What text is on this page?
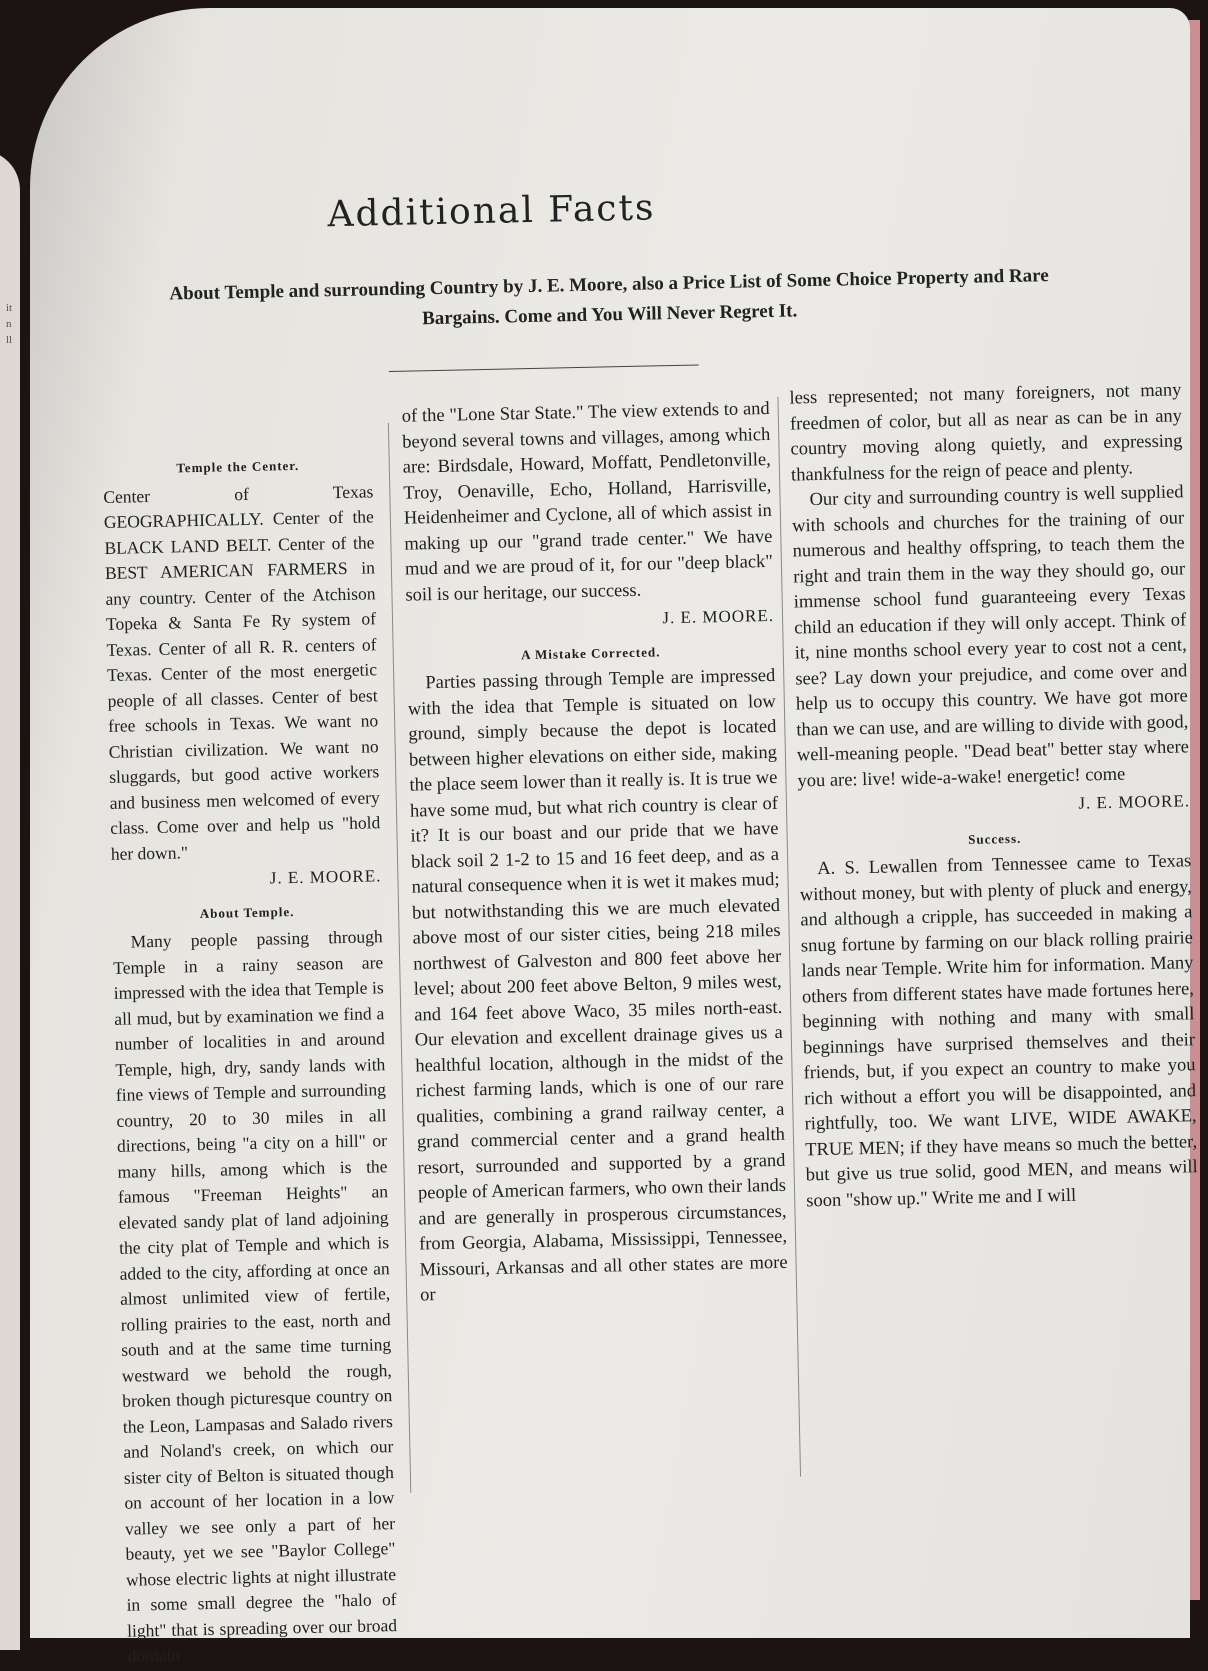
it
n
ll
Additional Facts
About Temple and surrounding Country by J. E. Moore, also a Price List of Some Choice Property and Rare Bargains. Come and You Will Never Regret It.
Temple the Center.

Center of Texas GEOGRAPHICALLY. Center of the BLACK LAND BELT. Center of the BEST AMERICAN FARMERS in any country. Center of the Atchison Topeka & Santa Fe Ry system of Texas. Center of all R. R. centers of Texas. Center of the most energetic people of all classes. Center of best free schools in Texas. We want no Christian civilization. We want no sluggards, but good active workers and business men welcomed of every class. Come over and help us "hold her down."

J. E. MOORE.
About Temple.

Many people passing through Temple in a rainy season are impressed with the idea that Temple is all mud, but by examination we find a number of localities in and around Temple, high, dry, sandy lands with fine views of Temple and surrounding country, 20 to 30 miles in all directions, being "a city on a hill" or many hills, among which is the famous "Freeman Heights" an elevated sandy plat of land adjoining the city plat of Temple and which is added to the city, affording at once an almost unlimited view of fertile, rolling prairies to the east, north and south and at the same time turning westward we behold the rough, broken though picturesque country on the Leon, Lampasas and Salado rivers and Noland's creek, on which our sister city of Belton is situated though on account of her location in a low valley we see only a part of her beauty, yet we see "Baylor College" whose electric lights at night illustrate in some small degree the "halo of light" that is spreading over our broad domain

of the "Lone Star State." The view extends to and beyond several towns and villages, among which are: Birdsdale, Howard, Moffatt, Pendletonville, Troy, Oenaville, Echo, Holland, Harrisville, Heidenheimer and Cyclone, all of which assist in making up our "grand trade center." We have mud and we are proud of it, for our "deep black" soil is our heritage, our success.

J. E. MOORE.
A Mistake Corrected.

Parties passing through Temple are impressed with the idea that Temple is situated on low ground, simply because the depot is located between higher elevations on either side, making the place seem lower than it really is. It is true we have some mud, but what rich country is clear of it? It is our boast and our pride that we have black soil 2 1-2 to 15 and 16 feet deep, and as a natural consequence when it is wet it makes mud; but notwithstanding this we are much elevated above most of our sister cities, being 218 miles northwest of Galveston and 800 feet above her level; about 200 feet above Belton, 9 miles west, and 164 feet above Waco, 35 miles north-east. Our elevation and excellent drainage gives us a healthful location, although in the midst of the richest farming lands, which is one of our rare qualities, combining a grand railway center, a grand commercial center and a grand health resort, surrounded and supported by a grand people of American farmers, who own their lands and are generally in prosperous circumstances, from Georgia, Alabama, Mississippi, Tennessee, Missouri, Arkansas and all other states are more or

less represented; not many foreigners, not many freedmen of color, but all as near as can be in any country moving along quietly, and expressing thankfulness for the reign of peace and plenty.

Our city and surrounding country is well supplied with schools and churches for the training of our numerous and healthy offspring, to teach them the right and train them in the way they should go, our immense school fund guaranteeing every Texas child an education if they will only accept. Think of it, nine months school every year to cost not a cent, see? Lay down your prejudice, and come over and help us to occupy this country. We have got more than we can use, and are willing to divide with good, well-meaning people. "Dead beat" better stay where you are: live! wide-a-wake! energetic! come

J. E. MOORE.
Success.

A. S. Lewallen from Tennessee came to Texas without money, but with plenty of pluck and energy, and although a cripple, has succeeded in making a snug fortune by farming on our black rolling prairie lands near Temple. Write him for information. Many others from different states have made fortunes here, beginning with nothing and many with small beginnings have surprised themselves and their friends, but, if you expect an country to make you rich without a effort you will be disappointed, and rightfully, too. We want LIVE, WIDE AWAKE, TRUE MEN; if they have means so much the better, but give us true solid, good MEN, and means will soon "show up." Write me and I will
